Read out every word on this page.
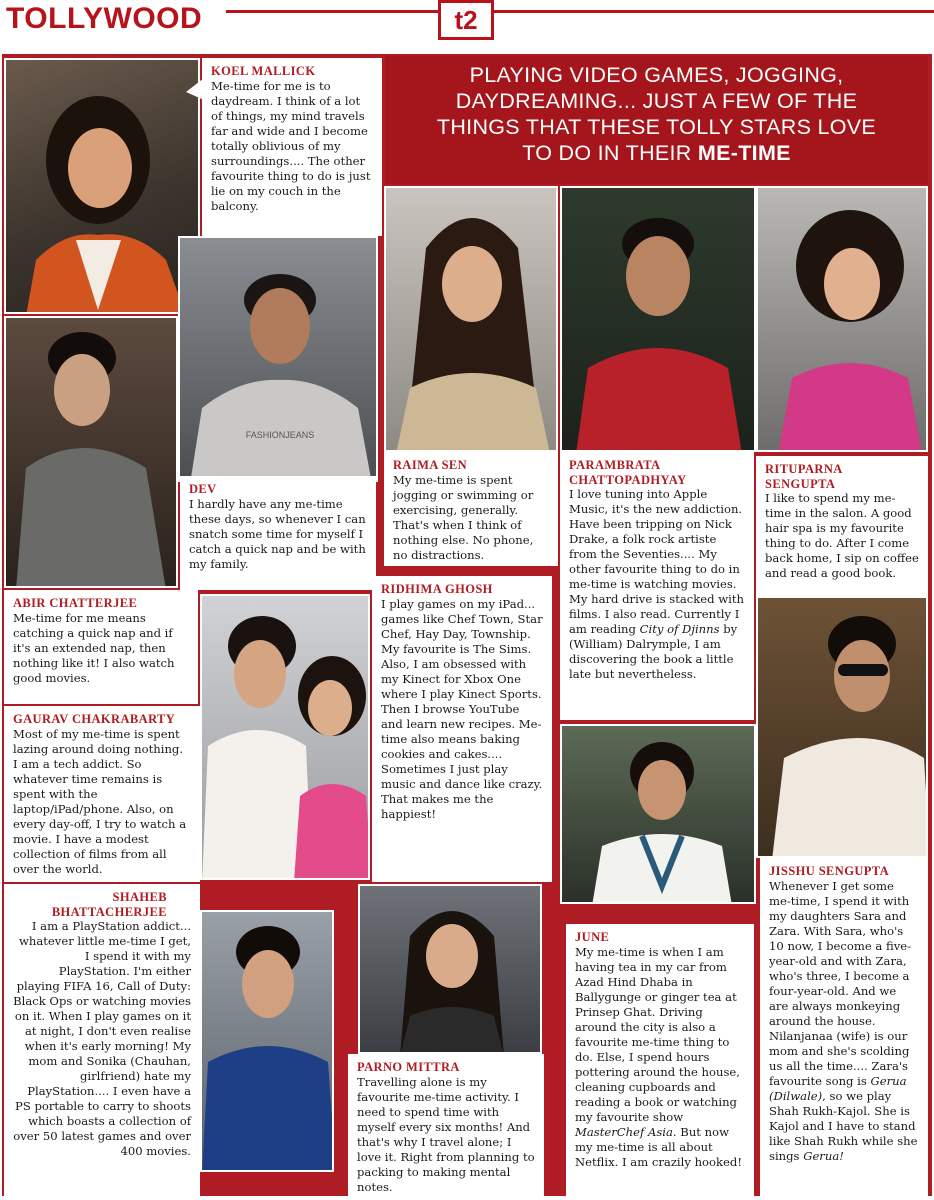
TOLLYWOOD	t2
PLAYING VIDEO GAMES, JOGGING,
DAYDREAMING... JUST A FEW OF THE
THINGS THAT THESE TOLLY STARS LOVE
TO DO IN THEIR ME-TIME
FASHIONJEANS
KOEL MALLICK
Me-time for me is to daydream. I think of a lot of things, my mind travels far and wide and I become totally oblivious of my surroundings.... The other favourite thing to do is just lie on my couch in the balcony.
DEV
I hardly have any me-time these days, so whenever I can snatch some time for myself I catch a quick nap and be with my family.
ABIR CHATTERJEE
Me-time for me means catching a quick nap and if it's an extended nap, then nothing like it! I also watch good movies.
RAIMA SEN
My me-time is spent jogging or swimming or exercising, generally. That's when I think of nothing else. No phone, no distractions.
PARAMBRATA
CHATTOPADHYAY
I love tuning into Apple Music, it's the new addiction. Have been tripping on Nick Drake, a folk rock artiste from the Seventies.... My other favourite thing to do in me-time is watching movies. My hard drive is stacked with films. I also read. Currently I am reading City of Djinns by (William) Dalrymple, I am discovering the book a little late but nevertheless.
RITUPARNA
SENGUPTA
I like to spend my me-time in the salon. A good hair spa is my favourite thing to do. After I come back home, I sip on coffee and read a good book.
RIDHIMA GHOSH
I play games on my iPad... games like Chef Town, Star Chef, Hay Day, Township. My favourite is The Sims. Also, I am obsessed with my Kinect for Xbox One where I play Kinect Sports. Then I browse YouTube and learn new recipes. Me-time also means baking cookies and cakes.... Sometimes I just play music and dance like crazy. That makes me the happiest!
GAURAV CHAKRABARTY
Most of my me-time is spent lazing around doing nothing. I am a tech addict. So whatever time remains is spent with the laptop/iPad/phone. Also, on every day-off, I try to watch a movie. I have a modest collection of films from all over the world.
SHAHEB
BHATTACHERJEE
I am a PlayStation addict... whatever little me-time I get, I spend it with my PlayStation. I'm either playing FIFA 16, Call of Duty: Black Ops or watching movies on it. When I play games on it at night, I don't even realise when it's early morning! My mom and Sonika (Chauhan, girlfriend) hate my PlayStation.... I even have a PS portable to carry to shoots which boasts a collection of over 50 latest games and over 400 movies.
PARNO MITTRA
Travelling alone is my favourite me-time activity. I need to spend time with myself every six months! And that's why I travel alone; I love it. Right from planning to packing to making mental notes.
JUNE
My me-time is when I am having tea in my car from Azad Hind Dhaba in Ballygunge or ginger tea at Prinsep Ghat. Driving around the city is also a favourite me-time thing to do. Else, I spend hours pottering around the house, cleaning cupboards and reading a book or watching my favourite show MasterChef Asia. But now my me-time is all about Netflix. I am crazily hooked!
JISSHU SENGUPTA
Whenever I get some me-time, I spend it with my daughters Sara and Zara. With Sara, who's 10 now, I become a five-year-old and with Zara, who's three, I become a four-year-old. And we are always monkeying around the house. Nilanjanaa (wife) is our mom and she's scolding us all the time.... Zara's favourite song is Gerua (Dilwale), so we play Shah Rukh-Kajol. She is Kajol and I have to stand like Shah Rukh while she sings Gerua!
